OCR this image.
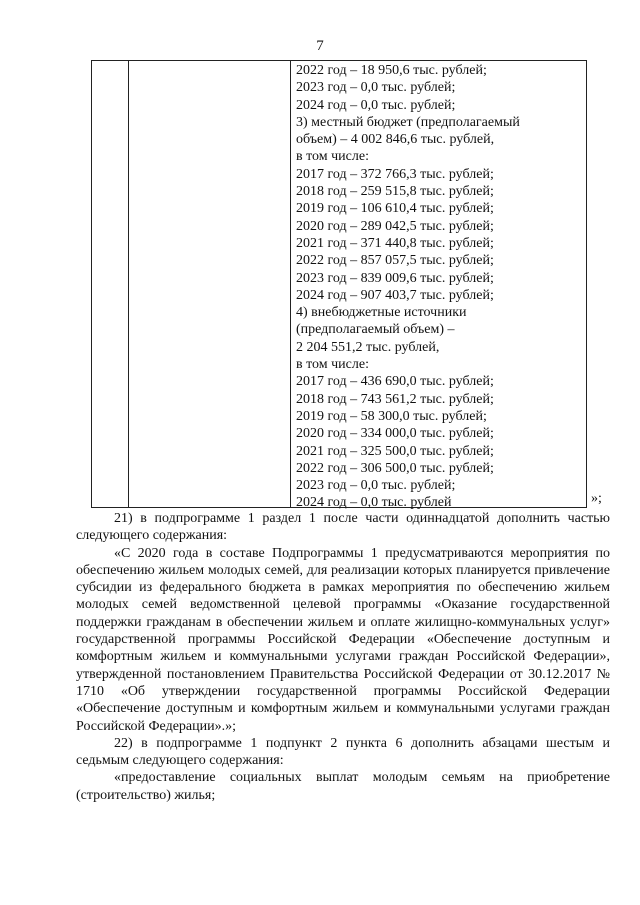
7
2022 год – 18 950,6 тыс. рублей;
2023 год – 0,0 тыс. рублей;
2024 год – 0,0 тыс. рублей;
3) местный бюджет (предполагаемый
объем) – 4 002 846,6 тыс. рублей,
в том числе:
2017 год – 372 766,3 тыс. рублей;
2018 год – 259 515,8 тыс. рублей;
2019 год – 106 610,4 тыс. рублей;
2020 год – 289 042,5 тыс. рублей;
2021 год – 371 440,8 тыс. рублей;
2022 год – 857 057,5 тыс. рублей;
2023 год – 839 009,6 тыс. рублей;
2024 год – 907 403,7 тыс. рублей;
4) внебюджетные источники
(предполагаемый объем) –
2 204 551,2 тыс. рублей,
в том числе:
2017 год – 436 690,0 тыс. рублей;
2018 год – 743 561,2 тыс. рублей;
2019 год – 58 300,0 тыс. рублей;
2020 год – 334 000,0 тыс. рублей;
2021 год – 325 500,0 тыс. рублей;
2022 год – 306 500,0 тыс. рублей;
2023 год – 0,0 тыс. рублей;
2024 год – 0,0 тыс. рублей	»;

21) в подпрограмме 1 раздел 1 после части одиннадцатой дополнить частью следующего содержания:

«С 2020 года в составе Подпрограммы 1 предусматриваются мероприятия по обеспечению жильем молодых семей, для реализации которых планируется привлечение субсидии из федерального бюджета в рамках мероприятия по обеспечению жильем молодых семей ведомственной целевой программы «Оказание государственной поддержки гражданам в обеспечении жильем и оплате жилищно-коммунальных услуг» государственной программы Российской Федерации «Обеспечение доступным и комфортным жильем и коммунальными услугами граждан Российской Федерации», утвержденной постановлением Правительства Российской Федерации от 30.12.2017 № 1710 «Об утверждении государственной программы Российской Федерации «Обеспечение доступным и комфортным жильем и коммунальными услугами граждан Российской Федерации».»;

22) в подпрограмме 1 подпункт 2 пункта 6 дополнить абзацами шестым и седьмым следующего содержания:

«предоставление социальных выплат молодым семьям на приобретение (строительство) жилья;
